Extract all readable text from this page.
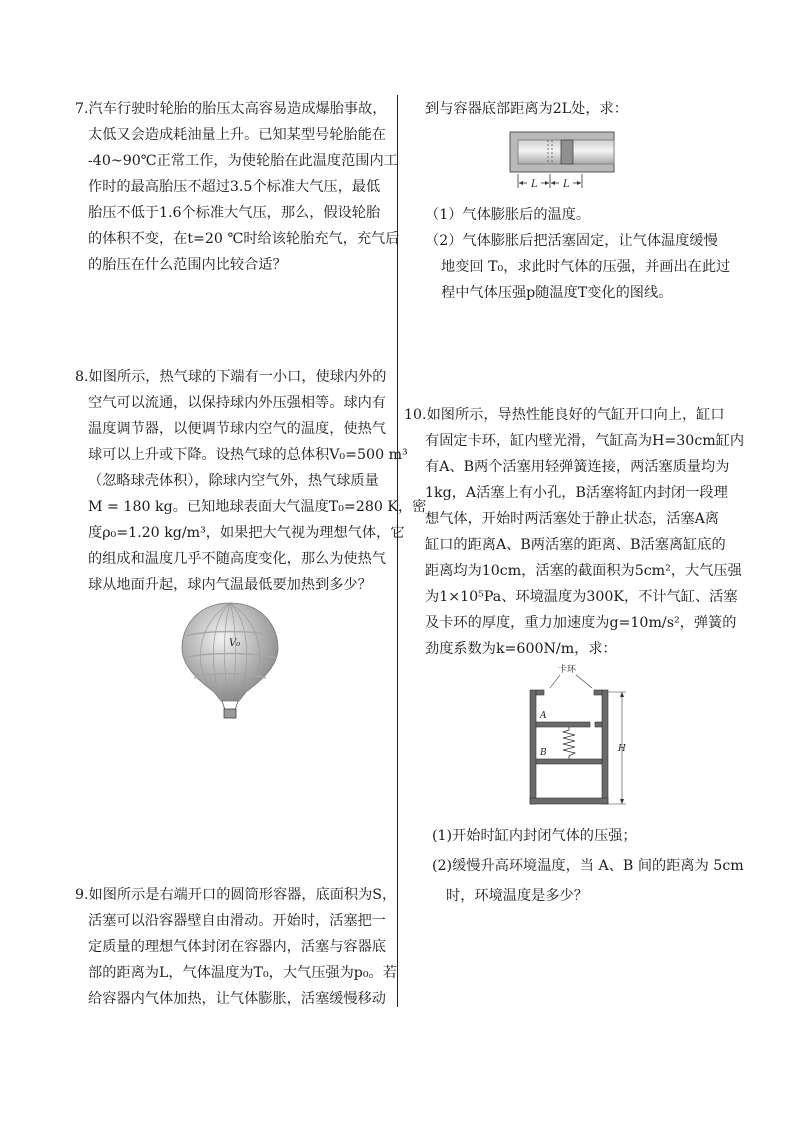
7.汽车行驶时轮胎的胎压太高容易造成爆胎事故，
太低又会造成耗油量上升。已知某型号轮胎能在
-40~90℃正常工作，为使轮胎在此温度范围内工
作时的最高胎压不超过3.5个标准大气压，最低
胎压不低于1.6个标准大气压，那么，假设轮胎
的体积不变，在t=20 ℃时给该轮胎充气，充气后
的胎压在什么范围内比较合适？
8.如图所示，热气球的下端有一小口，使球内外的
空气可以流通，以保持球内外压强相等。球内有
温度调节器，以便调节球内空气的温度，使热气
球可以上升或下降。设热气球的总体积V₀=500 m³
（忽略球壳体积），除球内空气外，热气球质量
M = 180 kg。已知地球表面大气温度T₀=280 K，密
度ρ₀=1.20 kg/m³，如果把大气视为理想气体，它
的组成和温度几乎不随高度变化，那么为使热气
球从地面升起，球内气温最低要加热到多少？
V₀
9.如图所示是右端开口的圆筒形容器，底面积为S，
活塞可以沿容器壁自由滑动。开始时，活塞把一
定质量的理想气体封闭在容器内，活塞与容器底
部的距离为L，气体温度为T₀，大气压强为p₀。若
给容器内气体加热，让气体膨胀，活塞缓慢移动
到与容器底部距离为2L处，求：
L	L
（1）气体膨胀后的温度。
（2）气体膨胀后把活塞固定，让气体温度缓慢
地变回 T₀，求此时气体的压强，并画出在此过
程中气体压强p随温度T变化的图线。
10.如图所示，导热性能良好的气缸开口向上，缸口
有固定卡环，缸内壁光滑，气缸高为H=30cm缸内
有A、B两个活塞用轻弹簧连接，两活塞质量均为
1kg，A活塞上有小孔，B活塞将缸内封闭一段理
想气体，开始时两活塞处于静止状态，活塞A离
缸口的距离A、B两活塞的距离、B活塞离缸底的
距离均为10cm，活塞的截面积为5cm²，大气压强
为1×10⁵Pa、环境温度为300K，不计气缸、活塞
及卡环的厚度，重力加速度为g=10m/s²，弹簧的
劲度系数为k=600N/m，求：
卡环
A
B	H
(1)开始时缸内封闭气体的压强；
(2)缓慢升高环境温度，当 A、B 间的距离为 5cm
时，环境温度是多少？
